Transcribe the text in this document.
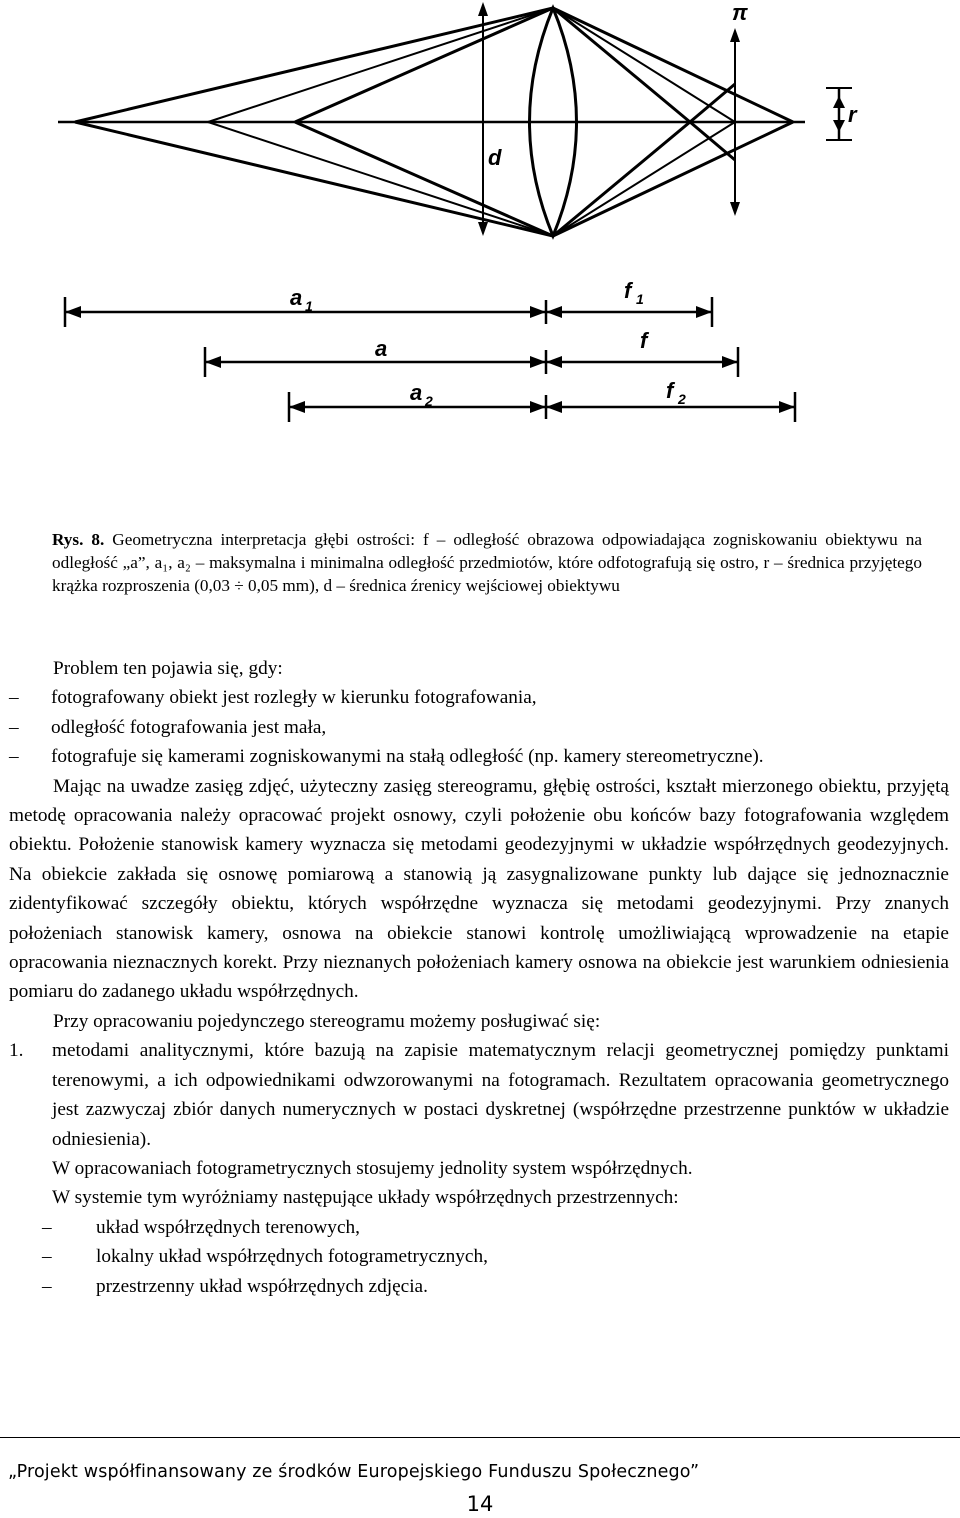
π
d
r
a 1
f 1
a	f
a 2	f 2

Rys. 8. Geometryczna interpretacja głębi ostrości: f – odległość obrazowa odpowiadająca zogniskowaniu obiektywu na odległość „a”, a₁, a₂ – maksymalna i minimalna odległość przedmiotów, które odfotografują się ostro, r – średnica przyjętego krążka rozproszenia (0,03 ÷ 0,05 mm), d – średnica źrenicy wejściowej obiektywu

Problem ten pojawia się, gdy:

– fotografowany obiekt jest rozległy w kierunku fotografowania,
– odległość fotografowania jest mała,
–	fotografuje się kamerami zogniskowanymi na stałą odległość (np. kamery stereometryczne).

Mając na uwadze zasięg zdjęć, użyteczny zasięg stereogramu, głębię ostrości, kształt mierzonego obiektu, przyjętą metodę opracowania należy opracować projekt osnowy, czyli położenie obu końców bazy fotografowania względem obiektu. Położenie stanowisk kamery wyznacza się metodami geodezyjnymi w układzie współrzędnych geodezyjnych. Na obiekcie zakłada się osnowę pomiarową a stanowią ją zasygnalizowane punkty lub dające się jednoznacznie zidentyfikować szczegóły obiektu, których współrzędne wyznacza się metodami geodezyjnymi. Przy znanych położeniach stanowisk kamery, osnowa na obiekcie stanowi kontrolę umożliwiającą wprowadzenie na etapie opracowania nieznacznych korekt. Przy nieznanych położeniach kamery osnowa na obiekcie jest warunkiem odniesienia pomiaru do zadanego układu współrzędnych.

Przy opracowaniu pojedynczego stereogramu możemy posługiwać się:

1. metodami analitycznymi, które bazują na zapisie matematycznym relacji geometrycznej pomiędzy punktami terenowymi, a ich odpowiednikami odwzorowanymi na fotogramach. Rezultatem opracowania geometrycznego jest zazwyczaj zbiór danych numerycznych w postaci dyskretnej (współrzędne przestrzenne punktów w układzie odniesienia).
W opracowaniach fotogrametrycznych stosujemy jednolity system współrzędnych.
W systemie tym wyróżniamy następujące układy współrzędnych przestrzennych:
– układ współrzędnych terenowych,
– lokalny układ współrzędnych fotogrametrycznych,
– przestrzenny układ współrzędnych zdjęcia.
„Projekt współfinansowany ze środków Europejskiego Funduszu Społecznego”
14
